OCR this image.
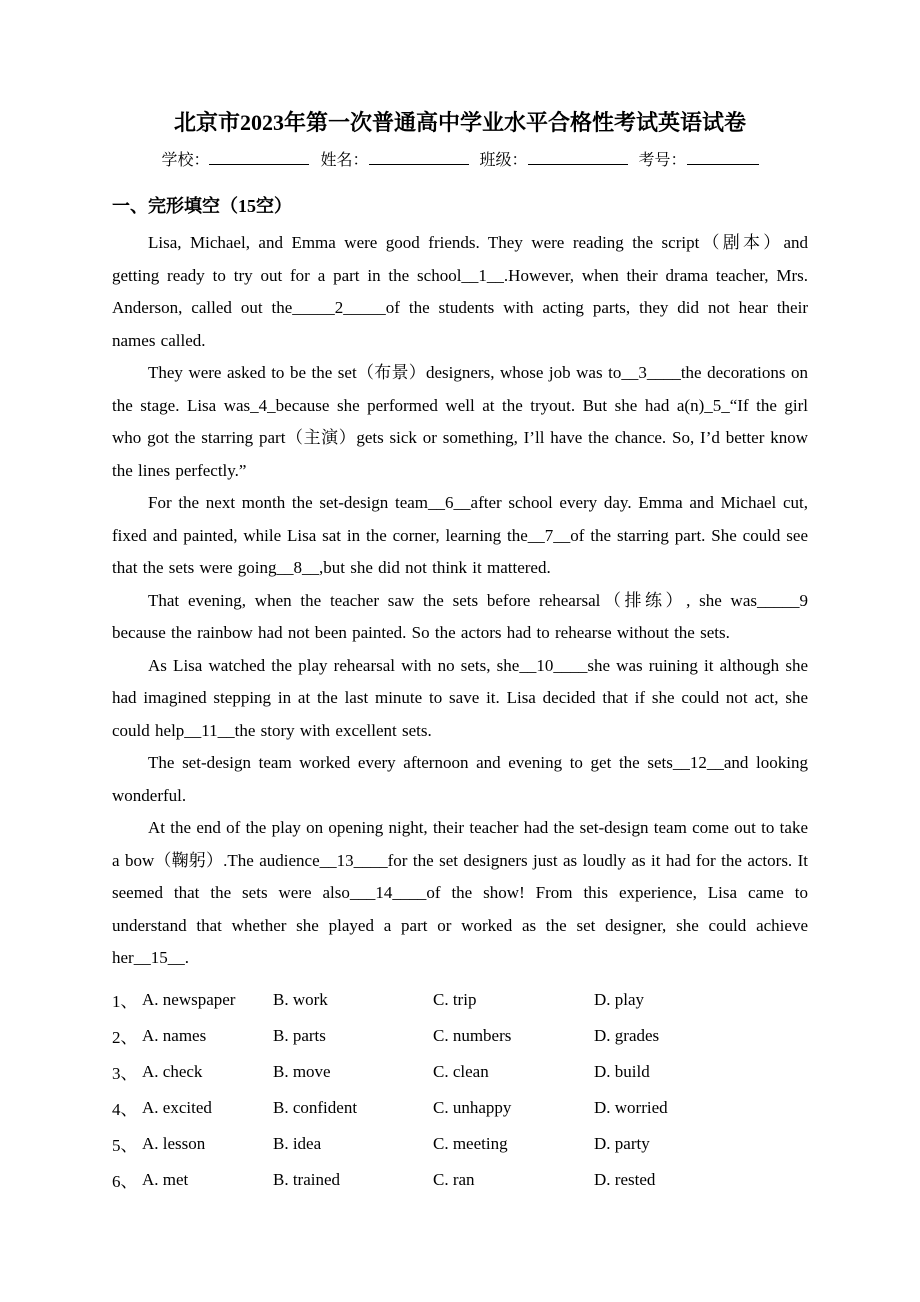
北京市2023年第一次普通高中学业水平合格性考试英语试卷
学校：	姓名：	班级：	考号：
一、完形填空（15空）

Lisa, Michael, and Emma were good friends. They were reading the script（剧本）and getting ready to try out for a part in the school__1__.However, when their drama teacher, Mrs. Anderson, called out the_____2_____of the students with acting parts, they did not hear their names called.

They were asked to be the set（布景）designers, whose job was to__3____the decorations on the stage. Lisa was_4_because she performed well at the tryout. But she had a(n)_5_“If the girl who got the starring part（主演）gets sick or something, I’ll have the chance. So, I’d better know the lines perfectly.”

For the next month the set-design team__6__after school every day. Emma and Michael cut, fixed and painted, while Lisa sat in the corner, learning the__7__of the starring part. She could see that the sets were going__8__,but she did not think it mattered.

That evening, when the teacher saw the sets before rehearsal（排练）, she was_____9 because the rainbow had not been painted. So the actors had to rehearse without the sets.

As Lisa watched the play rehearsal with no sets, she__10____she was ruining it although she had imagined stepping in at the last minute to save it. Lisa decided that if she could not act, she could help__11__the story with excellent sets.

The set-design team worked every afternoon and evening to get the sets__12__and looking wonderful.

At the end of the play on opening night, their teacher had the set-design team come out to take a bow（鞠躬）.The audience__13____for the set designers just as loudly as it had for the actors. It seemed that the sets were also___14____of the show! From this experience, Lisa came to understand that whether she played a part or worked as the set designer, she could achieve her__15__.

1、 A. newspaper	B. work	C. trip	D. play
2、 A. names	B. parts	C. numbers	D. grades
3、 A. check	B. move	C. clean	D. build
4、 A. excited	B. confident	C. unhappy	D. worried
5、 A. lesson	B. idea	C. meeting	D. party
6、 A. met	B. trained	C. ran	D. rested
